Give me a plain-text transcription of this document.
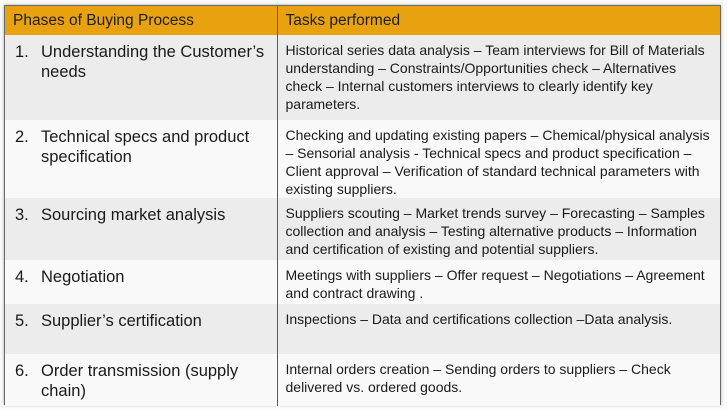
Phases of Buying Process	Tasks performed

1. Understanding the Customer’s needs	Historical series data analysis – Team interviews for Bill of Materials understanding – Constraints/Opportunities check – Alternatives check – Internal customers interviews to clearly identify key parameters.

2. Technical specs and product specification	Checking and updating existing papers – Chemical/physical analysis – Sensorial analysis - Technical specs and product specification –Client approval – Verification of standard technical parameters with existing suppliers.

3. Sourcing market analysis	Suppliers scouting – Market trends survey – Forecasting – Samples collection and analysis – Testing alternative products – Information and certification of existing and potential suppliers.

4. Negotiation	Meetings with suppliers – Offer request – Negotiations – Agreement and contract drawing .

5. Supplier’s certification	Inspections – Data and certifications collection –Data analysis.

6. Order transmission (supply chain)	Internal orders creation – Sending orders to suppliers – Check delivered vs. ordered goods.
